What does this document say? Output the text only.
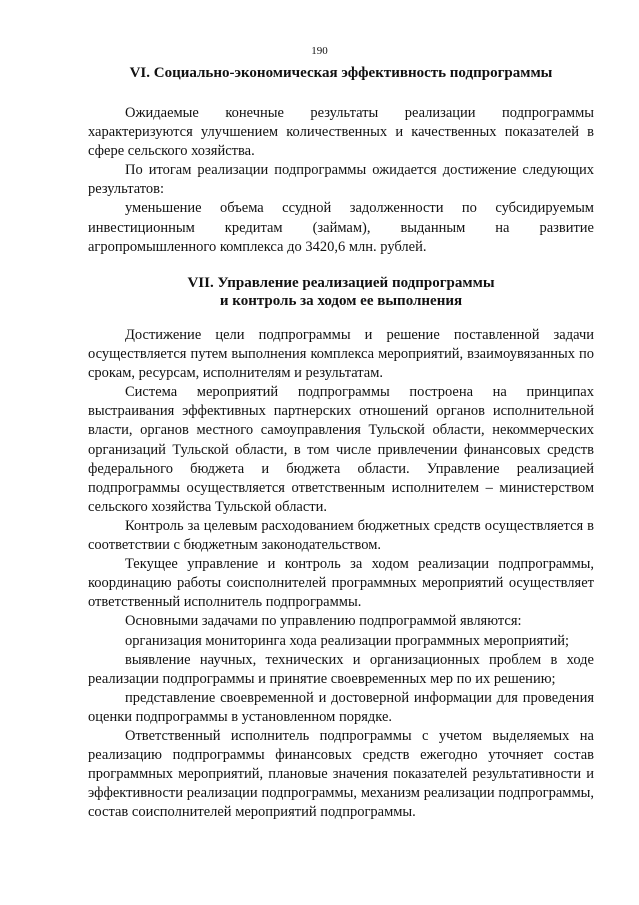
190
VI. Социально-экономическая эффективность подпрограммы

Ожидаемые конечные результаты реализации подпрограммы характеризуются улучшением количественных и качественных показателей в сфере сельского хозяйства.

По итогам реализации подпрограммы ожидается достижение следующих результатов:

уменьшение объема ссудной задолженности по субсидируемым инвестиционным кредитам (займам), выданным на развитие агропромышленного комплекса до 3420,6 млн. рублей.

VII. Управление реализацией подпрограммы
и контроль за ходом ее выполнения

Достижение цели подпрограммы и решение поставленной задачи осуществляется путем выполнения комплекса мероприятий, взаимоувязанных по срокам, ресурсам, исполнителям и результатам.

Система мероприятий подпрограммы построена на принципах выстраивания эффективных партнерских отношений органов исполнительной власти, органов местного самоуправления Тульской области, некоммерческих организаций Тульской области, в том числе привлечении финансовых средств федерального бюджета и бюджета области. Управление реализацией подпрограммы осуществляется ответственным исполнителем – министерством сельского хозяйства Тульской области.

Контроль за целевым расходованием бюджетных средств осуществляется в соответствии с бюджетным законодательством.

Текущее управление и контроль за ходом реализации подпрограммы, координацию работы соисполнителей программных мероприятий осуществляет ответственный исполнитель подпрограммы.

Основными задачами по управлению подпрограммой являются:

организация мониторинга хода реализации программных мероприятий;

выявление научных, технических и организационных проблем в ходе реализации подпрограммы и принятие своевременных мер по их решению;

представление своевременной и достоверной информации для проведения оценки подпрограммы в установленном порядке.

Ответственный исполнитель подпрограммы с учетом выделяемых на реализацию подпрограммы финансовых средств ежегодно уточняет состав программных мероприятий, плановые значения показателей результативности и эффективности реализации подпрограммы, механизм реализации подпрограммы, состав соисполнителей мероприятий подпрограммы.
